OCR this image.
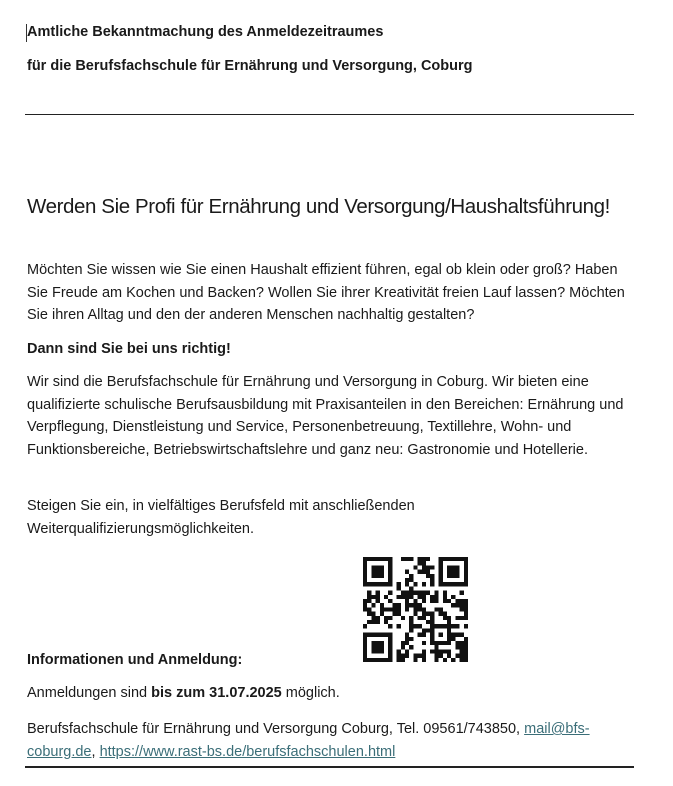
Amtliche Bekanntmachung des Anmeldezeitraumes
für die Berufsfachschule für Ernährung und Versorgung, Coburg
Werden Sie Profi für Ernährung und Versorgung/Haushaltsführung!

Möchten Sie wissen wie Sie einen Haushalt effizient führen, egal ob klein oder groß? Haben Sie Freude am Kochen und Backen? Wollen Sie ihrer Kreativität freien Lauf lassen? Möchten Sie ihren Alltag und den der anderen Menschen nachhaltig gestalten?

Dann sind Sie bei uns richtig!

Wir sind die Berufsfachschule für Ernährung und Versorgung in Coburg. Wir bieten eine qualifizierte schulische Berufsausbildung mit Praxisanteilen in den Bereichen: Ernährung und Verpflegung, Dienstleistung und Service, Personenbetreuung, Textillehre, Wohn- und Funktionsbereiche, Betriebswirtschaftslehre und ganz neu: Gastronomie und Hotellerie.

Steigen Sie ein, in vielfältiges Berufsfeld mit anschließenden Weiterqualifizierungsmöglichkeiten.

Informationen und Anmeldung:
Anmeldungen sind bis zum 31.07.2025 möglich.
Berufsfachschule für Ernährung und Versorgung Coburg, Tel. 09561/743850, mail@bfs-coburg.de, https://www.rast-bs.de/berufsfachschulen.html
